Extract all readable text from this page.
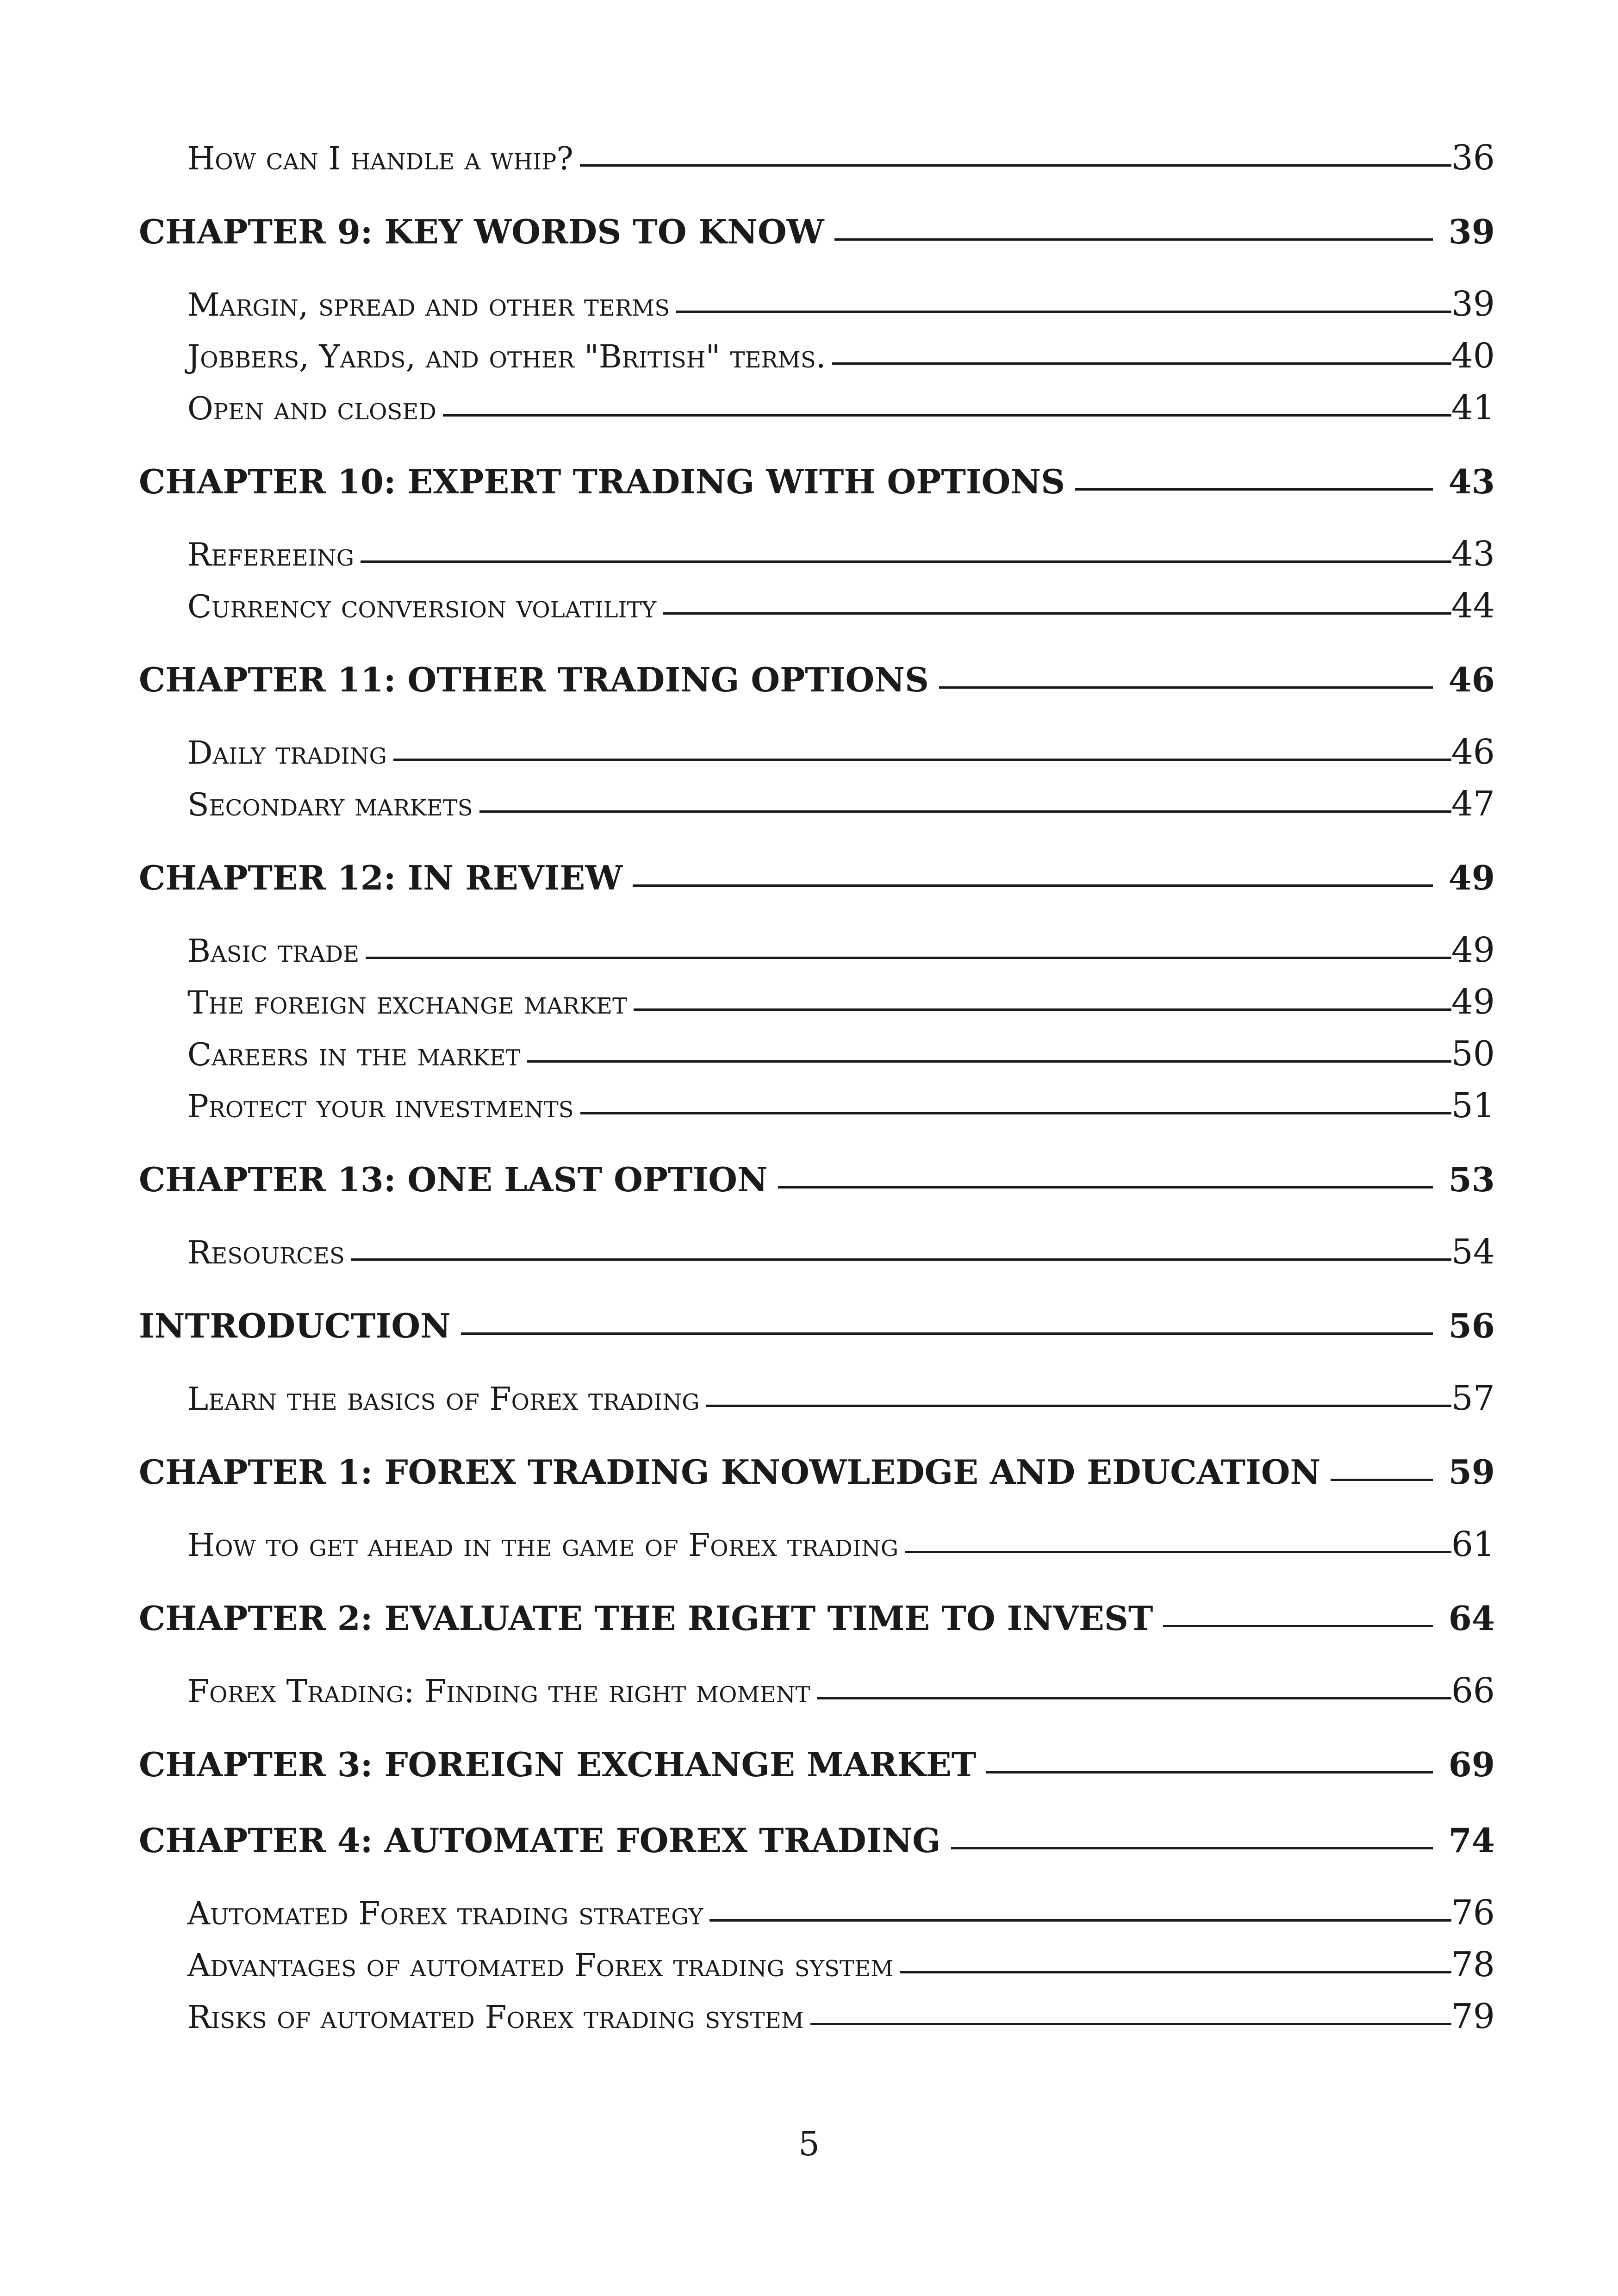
How can I handle a whip?	36
CHAPTER 9: KEY WORDS TO KNOW	39
Margin, spread and other terms	39
Jobbers, Yards, and other "British" terms.	40
Open and closed	41
CHAPTER 10: EXPERT TRADING WITH OPTIONS	43
Refereeing	43
Currency conversion volatility	44
CHAPTER 11: OTHER TRADING OPTIONS	46
Daily trading	46
Secondary markets	47
CHAPTER 12: IN REVIEW	49
Basic trade	49
The foreign exchange market	49
Careers in the market	50
Protect your investments	51
CHAPTER 13: ONE LAST OPTION	53
Resources	54
INTRODUCTION	56
Learn the basics of Forex trading	57
CHAPTER 1: FOREX TRADING KNOWLEDGE AND EDUCATION	59
How to get ahead in the game of Forex trading	61
CHAPTER 2: EVALUATE THE RIGHT TIME TO INVEST	64
Forex Trading: Finding the right moment	66
CHAPTER 3: FOREIGN EXCHANGE MARKET	69
CHAPTER 4: AUTOMATE FOREX TRADING	74
Automated Forex trading strategy	76
Advantages of automated Forex trading system	78
Risks of automated Forex trading system	79
5
